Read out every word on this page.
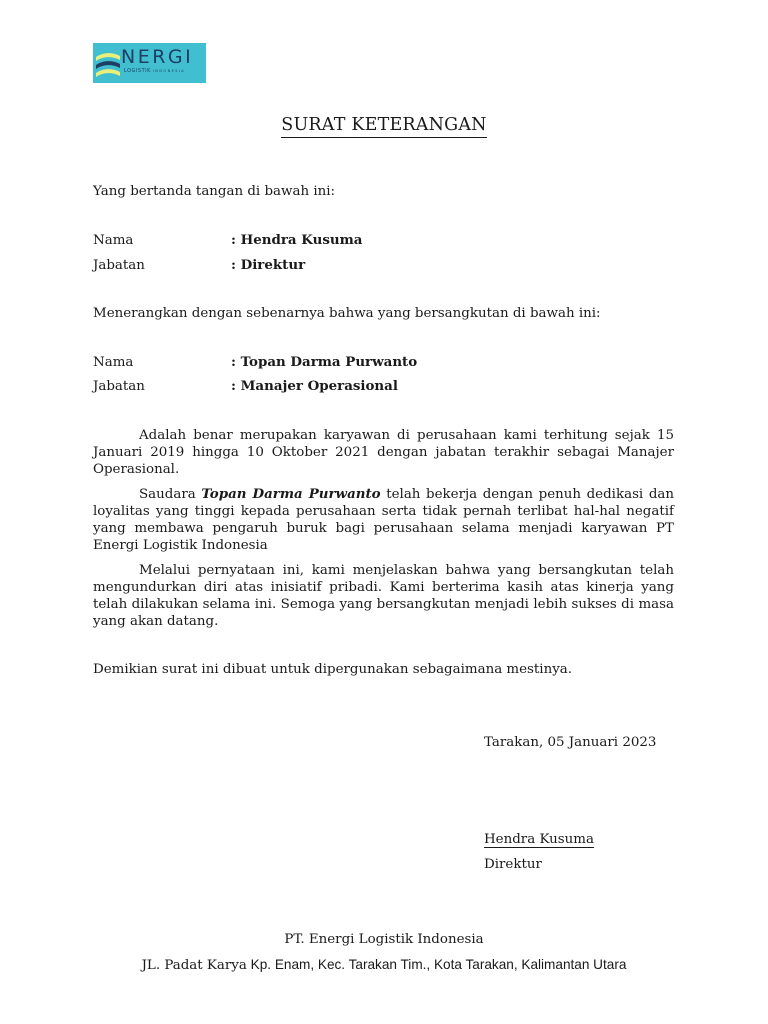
NERGI
LOGISTIK INDONESIA
SURAT KETERANGAN
Yang bertanda tangan di bawah ini:
Nama	: Hendra Kusuma
Jabatan	: Direktur
Menerangkan dengan sebenarnya bahwa yang bersangkutan di bawah ini:
Nama	: Topan Darma Purwanto
Jabatan	: Manajer Operasional
Adalah benar merupakan karyawan di perusahaan kami terhitung sejak 15 Januari 2019 hingga 10 Oktober 2021 dengan jabatan terakhir sebagai Manajer Operasional.
Saudara Topan Darma Purwanto telah bekerja dengan penuh dedikasi dan loyalitas yang tinggi kepada perusahaan serta tidak pernah terlibat hal-hal negatif yang membawa pengaruh buruk bagi perusahaan selama menjadi karyawan PT Energi Logistik Indonesia
Melalui pernyataan ini, kami menjelaskan bahwa yang bersangkutan telah mengundurkan diri atas inisiatif pribadi. Kami berterima kasih atas kinerja yang telah dilakukan selama ini. Semoga yang bersangkutan menjadi lebih sukses di masa yang akan datang.
Demikian surat ini dibuat untuk dipergunakan sebagaimana mestinya.
Tarakan, 05 Januari 2023
Hendra Kusuma
Direktur
PT. Energi Logistik Indonesia
JL. Padat Karya Kp. Enam, Kec. Tarakan Tim., Kota Tarakan, Kalimantan Utara
